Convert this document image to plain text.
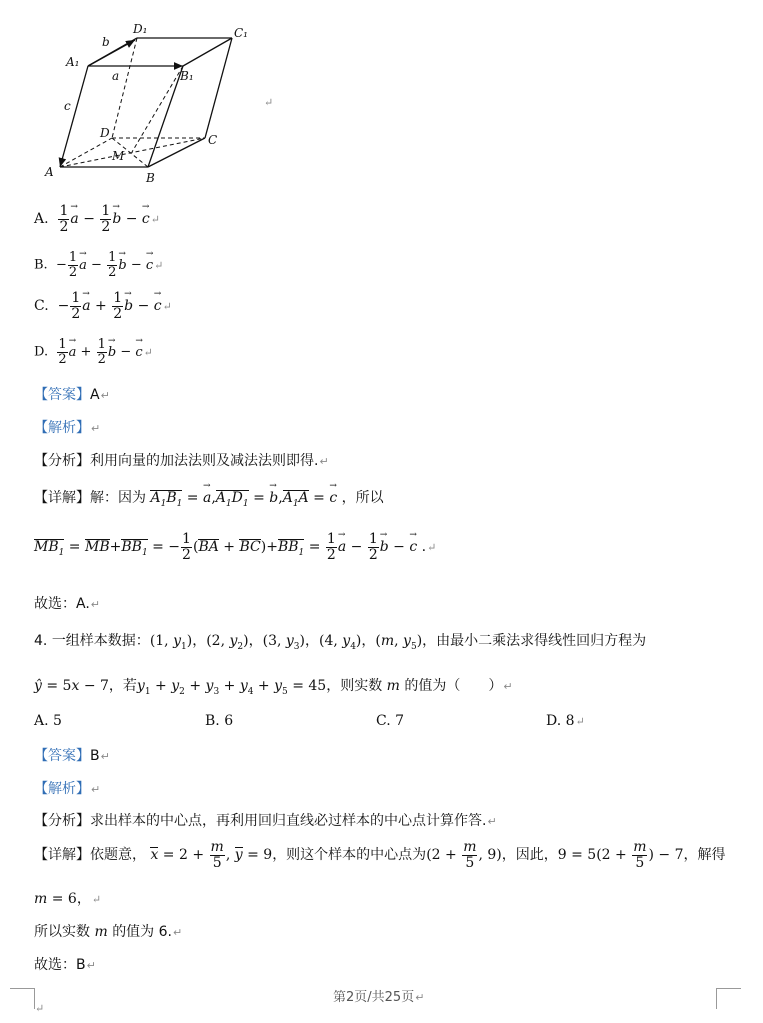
D₁	C₁
A₁
B₁
D	C
M
A	B
b
a
c	↵
A. $\frac{1}{2}$
→ $a - \frac{1}{2}$
→ b − → c↵
B.  − $\frac{1}{2}$
→ $a - \frac{1}{2}$
→ b − → c↵
C.  − $\frac{1}{2}$
→ $a + \frac{1}{2}$
→ b − → c↵
D. $\frac{1}{2}$
→ $a + \frac{1}{2}$
→ b − → c↵
【答案】A↵
【解析】↵
【分析】利用向量的加法法则及减法法则即得.↵
【详解】解：因为 $A_1B_1$ = → $a,A_1D_1$ = → $b,A_1A$ = → c ，所以
$MB_1 = MB+BB_1$ = − $\frac{1}{2} (BA + BC)+BB_1 = \frac{1}{2}$
→ $a - \frac{1}{2}$
→ b − → c .↵
故选：A.↵
4. 一组样本数据：(1, $y_1$)，(2, $y_2$)，(3, $y_3$)，(4, $y_4$)，(m, $y_5$)，由最小二乘法求得线性回归方程为
ŷ = 5x − 7，若$y_1 + y_2 + y_3 + y_4 + y_5 = 45$，则实数 m 的值为（　　）↵
A. 5	B. 6	C. 7	D. 8↵
【答案】B↵
【解析】↵
【分析】求出样本的中心点，再利用回归直线必过样本的中心点计算作答.↵
【详解】依题意， $x = 2 + \frac{m}{5}$ , y = 9，则这个样本的中心点为($2 + \frac{m}{5}$ , 9)，因此，$9 = 5(2 + \frac{m}{5}$ ) − 7，解得
m = 6，↵
所以实数 m 的值为 6.↵
故选：B↵
↵
第2页/共25页↵
